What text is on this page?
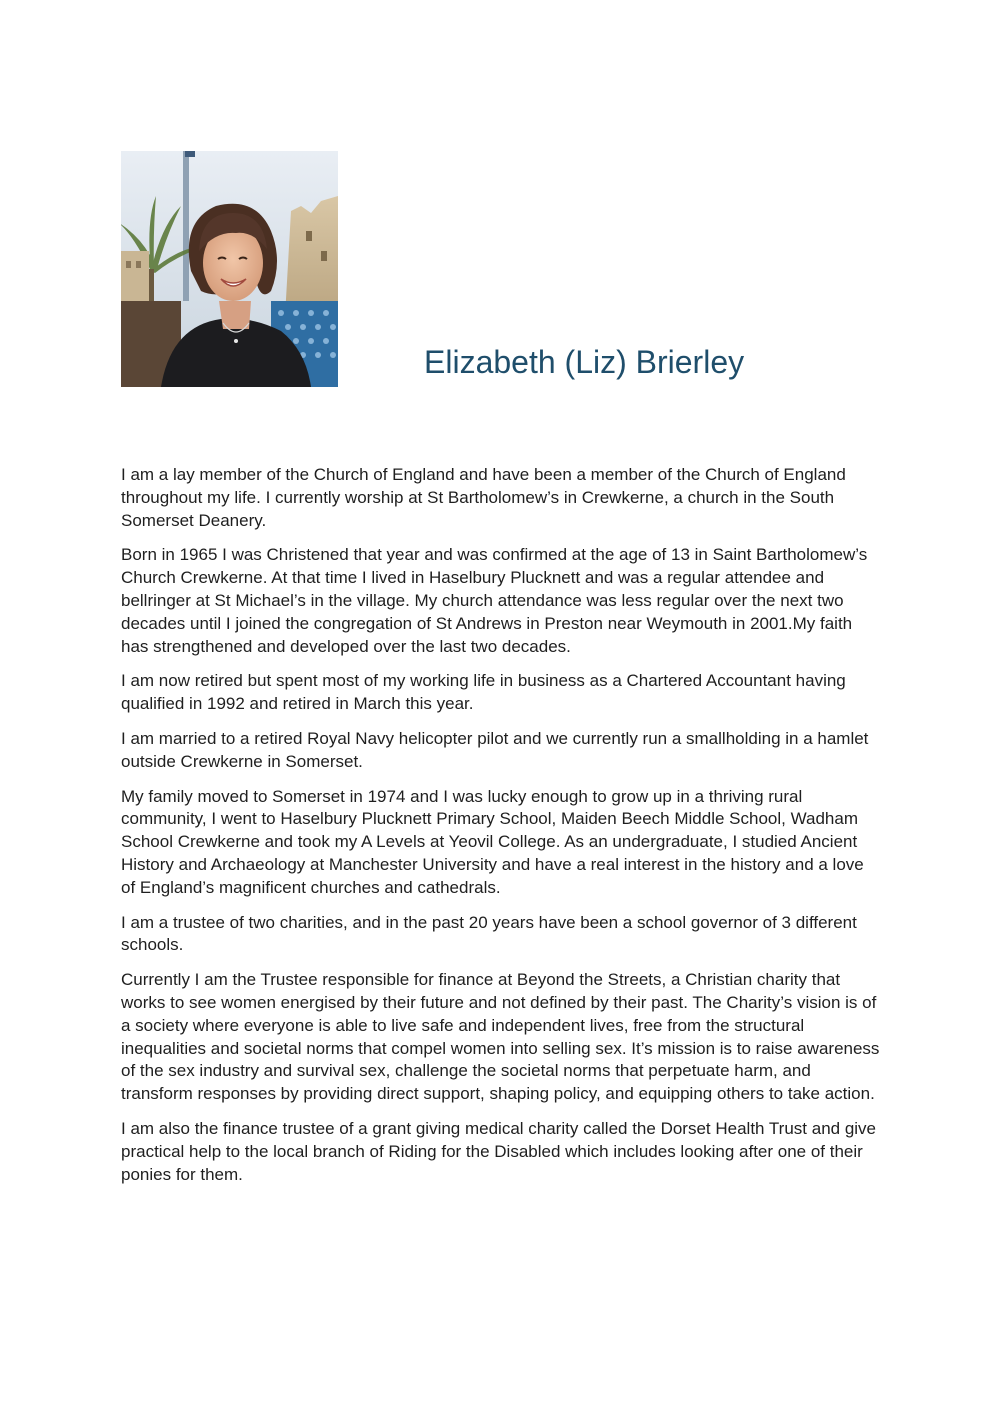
Elizabeth (Liz) Brierley

I am a lay member of the Church of England and have been a member of the Church of England throughout my life. I currently worship at St Bartholomew’s in Crewkerne, a church in the South Somerset Deanery.

Born in 1965 I was Christened that year and was confirmed at the age of 13 in Saint Bartholomew’s Church Crewkerne. At that time I lived in Haselbury Plucknett and was a regular attendee and bellringer at St Michael’s in the village. My church attendance was less regular over the next two decades until I joined the congregation of St Andrews in Preston near Weymouth in 2001.My faith has strengthened and developed over the last two decades.

I am now retired but spent most of my working life in business as a Chartered Accountant having qualified in 1992 and retired in March this year.

I am married to a retired Royal Navy helicopter pilot and we currently run a smallholding in a hamlet outside Crewkerne in Somerset.

My family moved to Somerset in 1974 and I was lucky enough to grow up in a thriving rural community, I went to Haselbury Plucknett Primary School, Maiden Beech Middle School, Wadham School Crewkerne and took my A Levels at Yeovil College. As an undergraduate, I studied Ancient History and Archaeology at Manchester University and have a real interest in the history and a love of England’s magnificent churches and cathedrals.

I am a trustee of two charities, and in the past 20 years have been a school governor of 3 different schools.

Currently I am the Trustee responsible for finance at Beyond the Streets, a Christian charity that works to see women energised by their future and not defined by their past. The Charity’s vision is of a society where everyone is able to live safe and independent lives, free from the structural inequalities and societal norms that compel women into selling sex. It’s mission is to raise awareness of the sex industry and survival sex, challenge the societal norms that perpetuate harm, and transform responses by providing direct support, shaping policy, and equipping others to take action.

I am also the finance trustee of a grant giving medical charity called the Dorset Health Trust and give practical help to the local branch of Riding for the Disabled which includes looking after one of their ponies for them.
